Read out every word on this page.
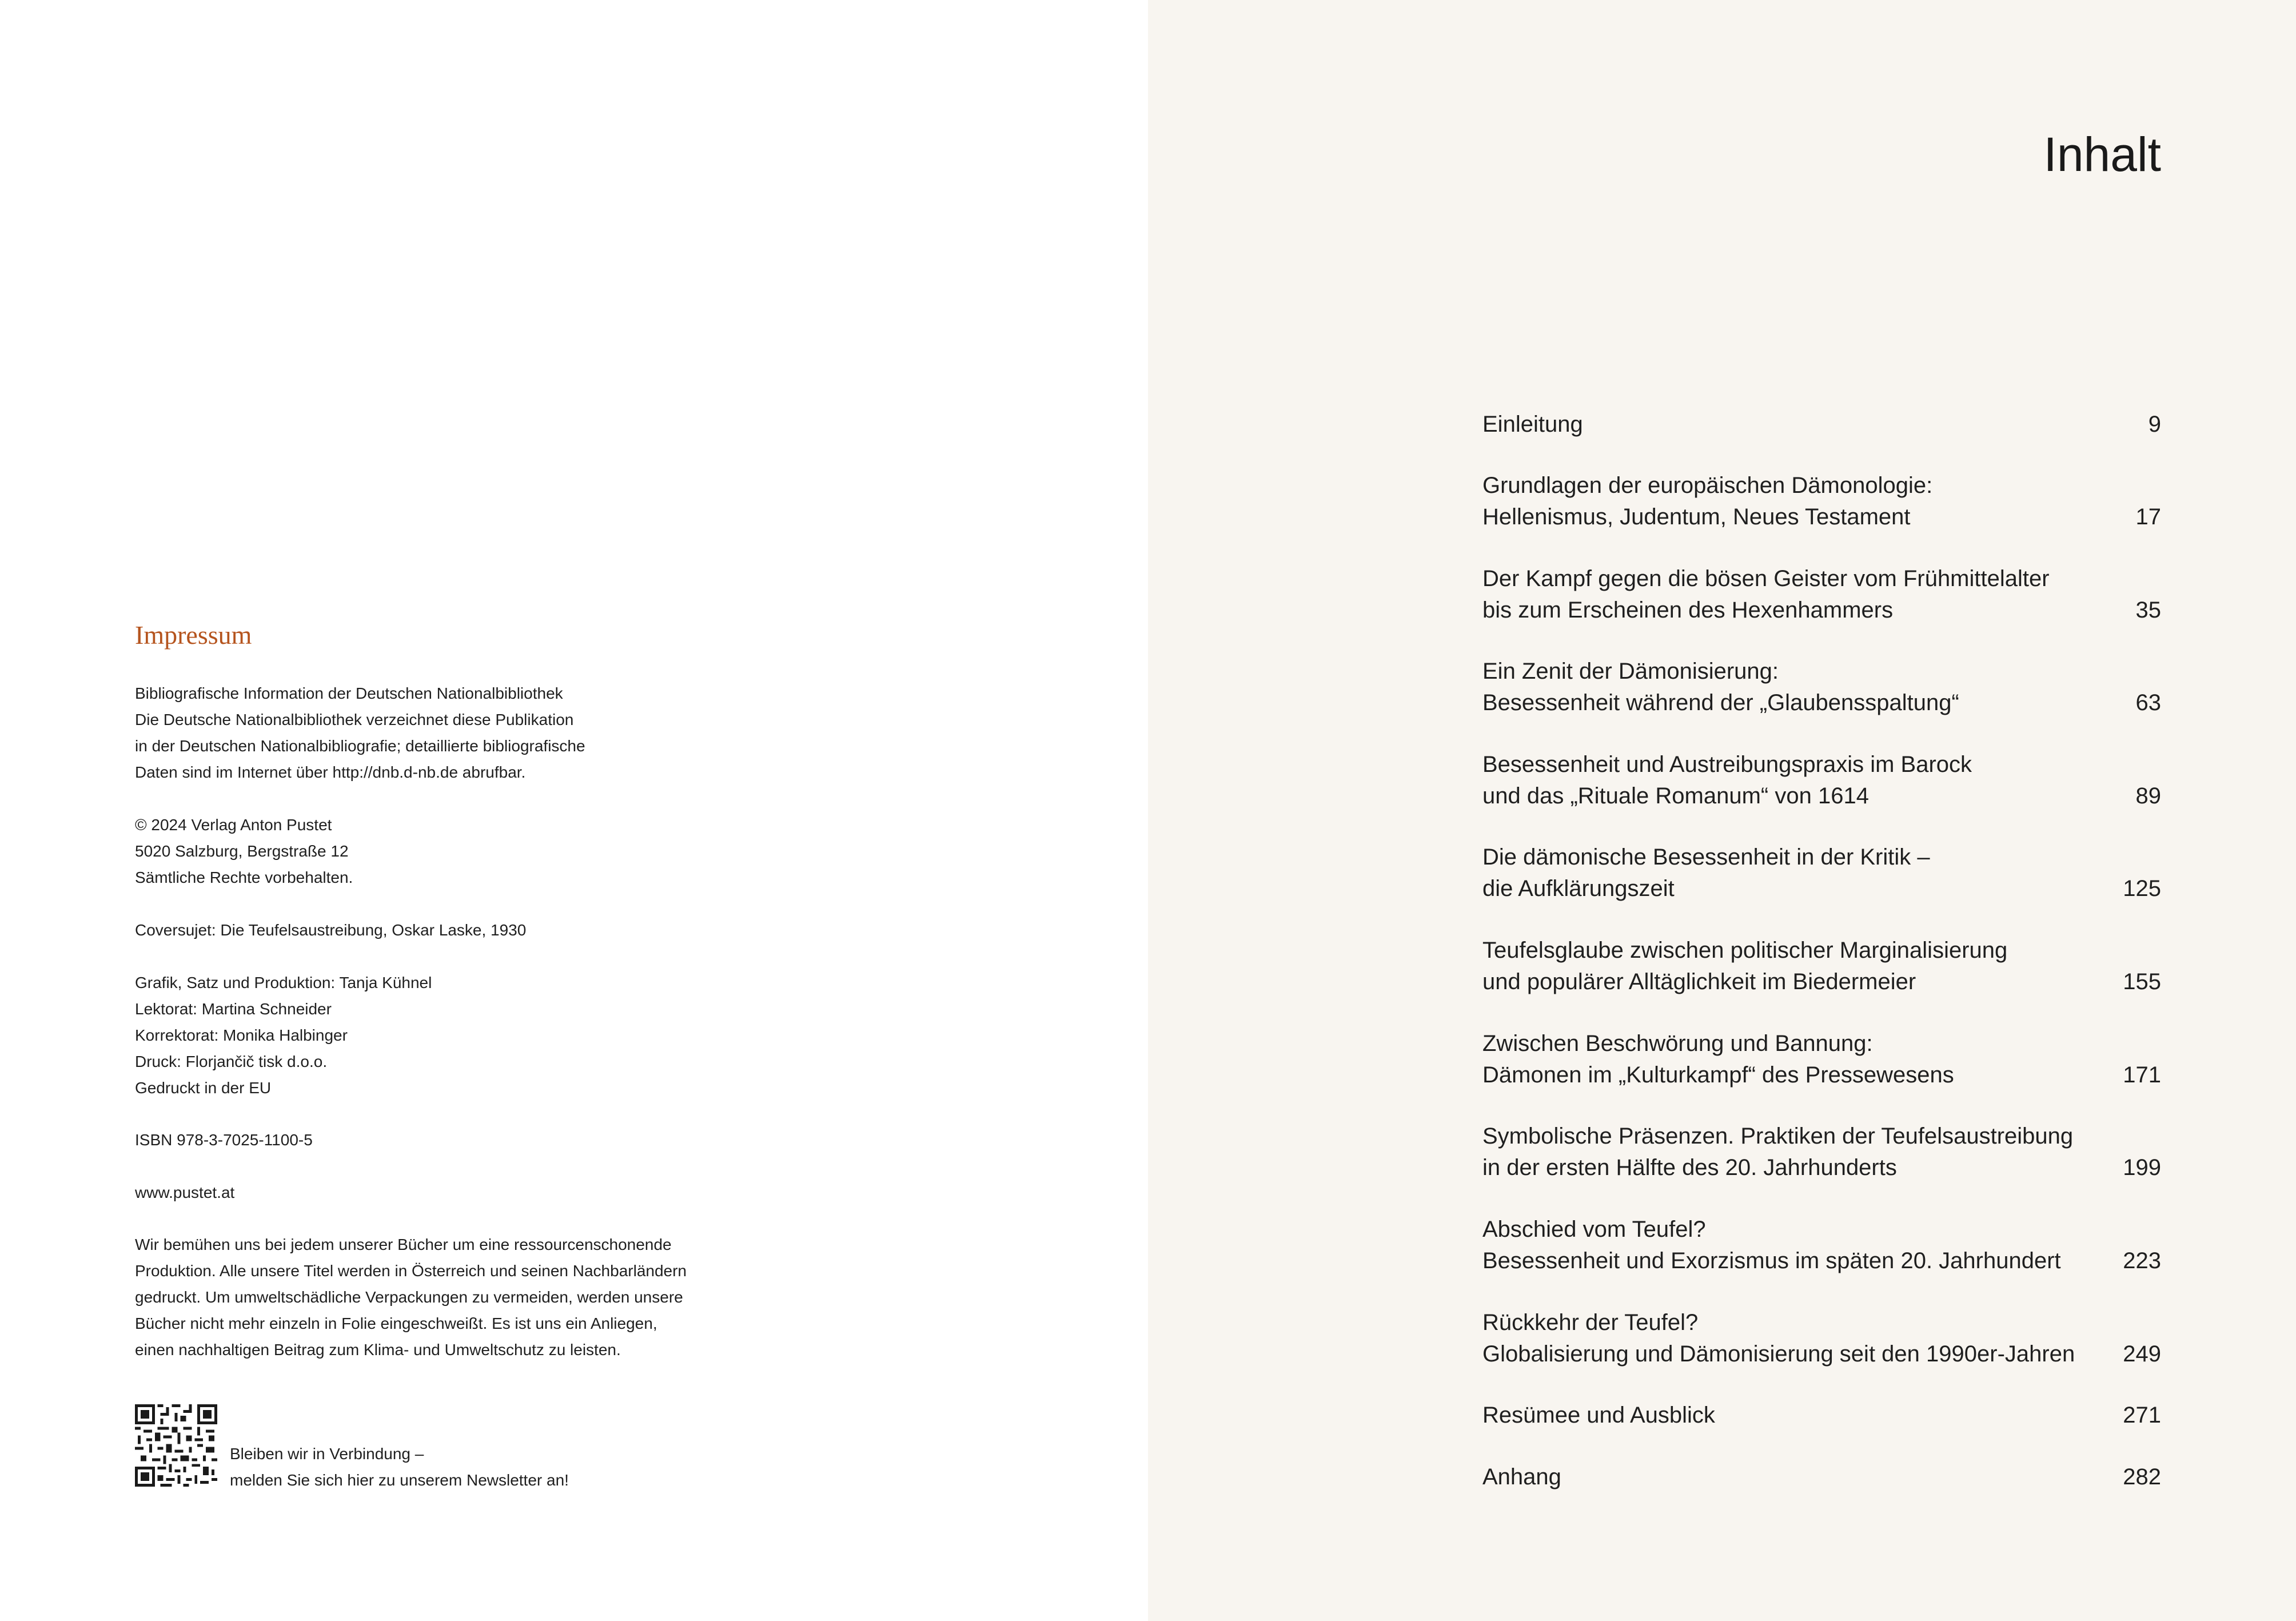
Impressum
Bibliografische Information der Deutschen Nationalbibliothek
Die Deutsche Nationalbibliothek verzeichnet diese Publikation
in der Deutschen Nationalbibliografie; detaillierte bibliografische
Daten sind im Internet über http://dnb.d-nb.de abrufbar.
© 2024 Verlag Anton Pustet
5020 Salzburg, Bergstraße 12
Sämtliche Rechte vorbehalten.
Coversujet: Die Teufelsaustreibung, Oskar Laske, 1930
Grafik, Satz und Produktion: Tanja Kühnel
Lektorat: Martina Schneider
Korrektorat: Monika Halbinger
Druck: Florjančič tisk d.o.o.
Gedruckt in der EU
ISBN 978-3-7025-1100-5
www.pustet.at
Wir bemühen uns bei jedem unserer Bücher um eine ressourcenschonende
Produktion. Alle unsere Titel werden in Österreich und seinen Nachbarländern
gedruckt. Um umweltschädliche Verpackungen zu vermeiden, werden unsere
Bücher nicht mehr einzeln in Folie eingeschweißt. Es ist uns ein Anliegen,
einen nachhaltigen Beitrag zum Klima- und Umweltschutz zu leisten.
Bleiben wir in Verbindung –
melden Sie sich hier zu unserem Newsletter an!
Inhalt
Einleitung	9
Grundlagen der europäischen Dämonologie:
Hellenismus, Judentum, Neues Testament	17
Der Kampf gegen die bösen Geister vom Frühmittelalter
bis zum Erscheinen des Hexenhammers	35
Ein Zenit der Dämonisierung:
Besessenheit während der „Glaubensspaltung“	63
Besessenheit und Austreibungspraxis im Barock
und das „Rituale Romanum“ von 1614	89
Die dämonische Besessenheit in der Kritik –
die Aufklärungszeit	125
Teufelsglaube zwischen politischer Marginalisierung
und populärer Alltäglichkeit im Biedermeier	155
Zwischen Beschwörung und Bannung:
Dämonen im „Kulturkampf“ des Pressewesens	171
Symbolische Präsenzen. Praktiken der Teufelsaustreibung
in der ersten Hälfte des 20. Jahrhunderts	199
Abschied vom Teufel?
Besessenheit und Exorzismus im späten 20. Jahrhundert	223
Rückkehr der Teufel?
Globalisierung und Dämonisierung seit den 1990er-Jahren	249
Resümee und Ausblick	271
Anhang	282
